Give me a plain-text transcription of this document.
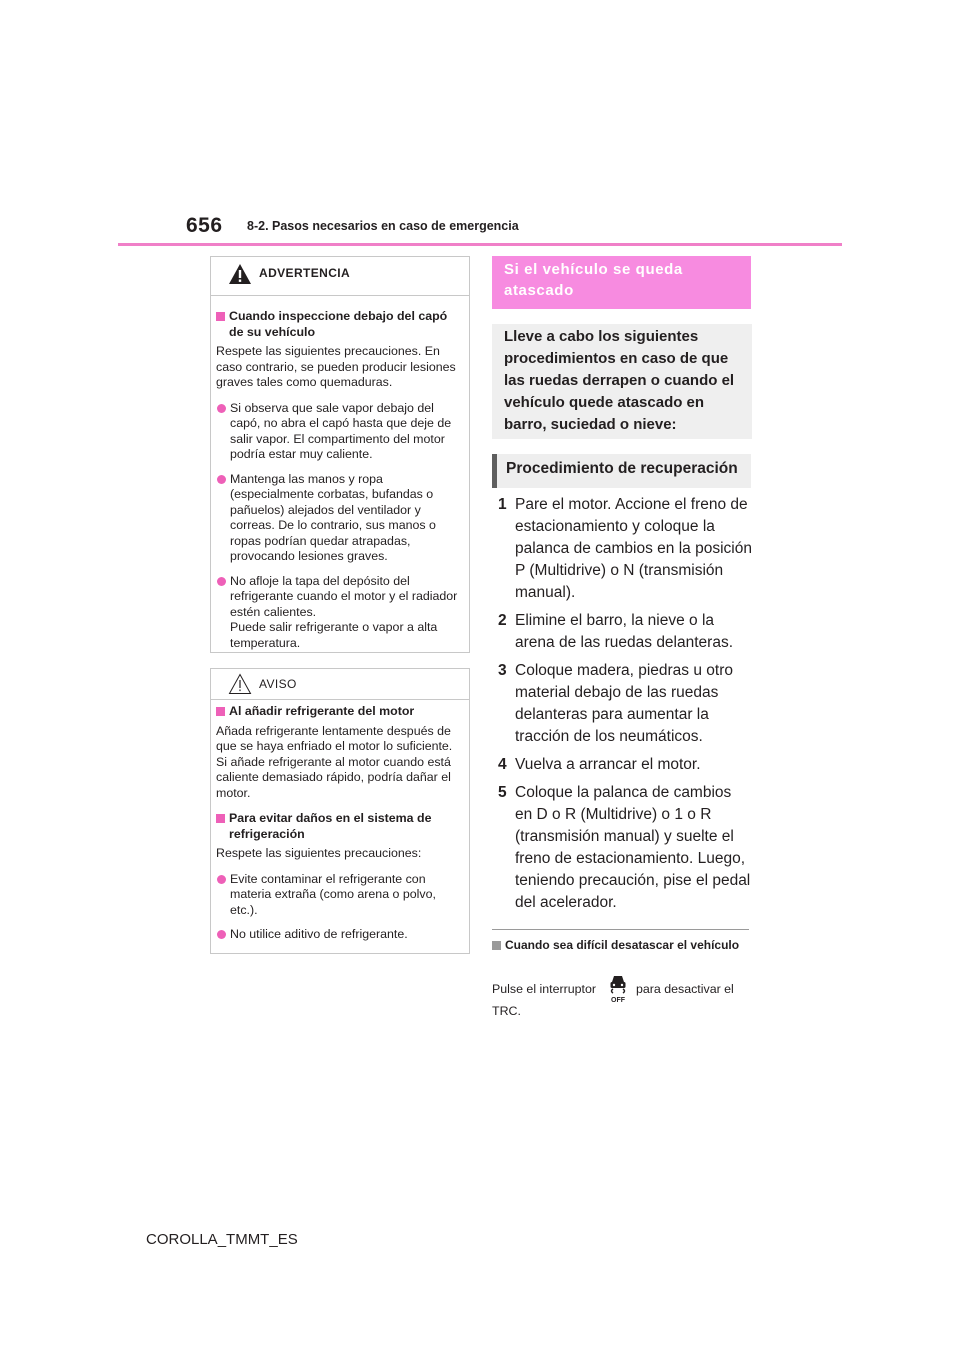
656 8-2. Pasos necesarios en caso de emergencia
ADVERTENCIA
Cuando inspeccione debajo del capó de su vehículo
Respete las siguientes precauciones. En caso contrario, se pueden producir lesiones graves tales como quemaduras.
Si observa que sale vapor debajo del capó, no abra el capó hasta que deje de salir vapor. El compartimento del motor podría estar muy caliente.
Mantenga las manos y ropa (especialmente corbatas, bufandas o pañuelos) alejados del ventilador y correas. De lo contrario, sus manos o ropas podrían quedar atrapadas, provocando lesiones graves.
No afloje la tapa del depósito del refrigerante cuando el motor y el radiador estén calientes.
Puede salir refrigerante o vapor a alta temperatura.
AVISO
Al añadir refrigerante del motor
Añada refrigerante lentamente después de que se haya enfriado el motor lo suficiente. Si añade refrigerante al motor cuando está caliente demasiado rápido, podría dañar el motor.
Para evitar daños en el sistema de refrigeración
Respete las siguientes precauciones:
Evite contaminar el refrigerante con materia extraña (como arena o polvo, etc.).
No utilice aditivo de refrigerante.
Si el vehículo se queda atascado
Lleve a cabo los siguientes procedimientos en caso de que las ruedas derrapen o cuando el vehículo quede atascado en barro, suciedad o nieve:
Procedimiento de recuperación
1 Pare el motor. Accione el freno de estacionamiento y coloque la palanca de cambios en la posición P (Multidrive) o N (transmisión manual).
2 Elimine el barro, la nieve o la arena de las ruedas delanteras.
3 Coloque madera, piedras u otro material debajo de las ruedas delanteras para aumentar la tracción de los neumáticos.
4 Vuelva a arrancar el motor.
5 Coloque la palanca de cambios en D o R (Multidrive) o 1 o R (transmisión manual) y suelte el freno de estacionamiento. Luego, teniendo precaución, pise el pedal del acelerador.
Cuando sea difícil desatascar el vehículo
Pulse el interruptor
OFF
para desactivar el
TRC.
COROLLA_TMMT_ES
